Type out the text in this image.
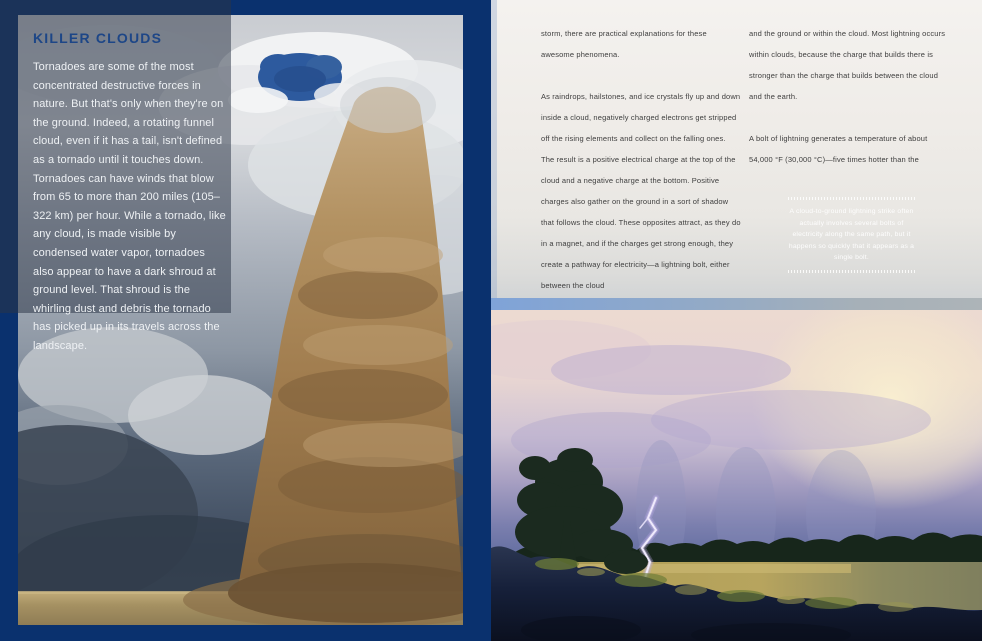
KILLER CLOUDS

Tornadoes are some of the most concentrated destructive forces in nature. But that's only when they're on the ground. Indeed, a rotating funnel cloud, even if it has a tail, isn't defined as a tornado until it touches down. Tornadoes can have winds that blow from 65 to more than 200 miles (105–322 km) per hour. While a tornado, like any cloud, is made visible by condensed water vapor, tornadoes also appear to have a dark shroud at ground level. That shroud is the whirling dust and debris the tornado has picked up in its travels across the landscape.

storm, there are practical explanations for these awesome phenomena.

As raindrops, hailstones, and ice crystals fly up and down inside a cloud, negatively charged electrons get stripped off the rising elements and collect on the falling ones. The result is a positive electrical charge at the top of the cloud and a negative charge at the bottom. Positive charges also gather on the ground in a sort of shadow that follows the cloud. These opposites attract, as they do in a magnet, and if the charges get strong enough, they create a pathway for electricity—a lightning bolt, either between the cloud

and the ground or within the cloud. Most lightning occurs within clouds, because the charge that builds there is stronger than the charge that builds between the cloud and the earth.

A bolt of lightning generates a temperature of about 54,000 °F (30,000 °C)—five times hotter than the

A cloud-to-ground lightning strike often actually involves several bolts of electricity along the same path, but it happens so quickly that it appears as a single bolt.
